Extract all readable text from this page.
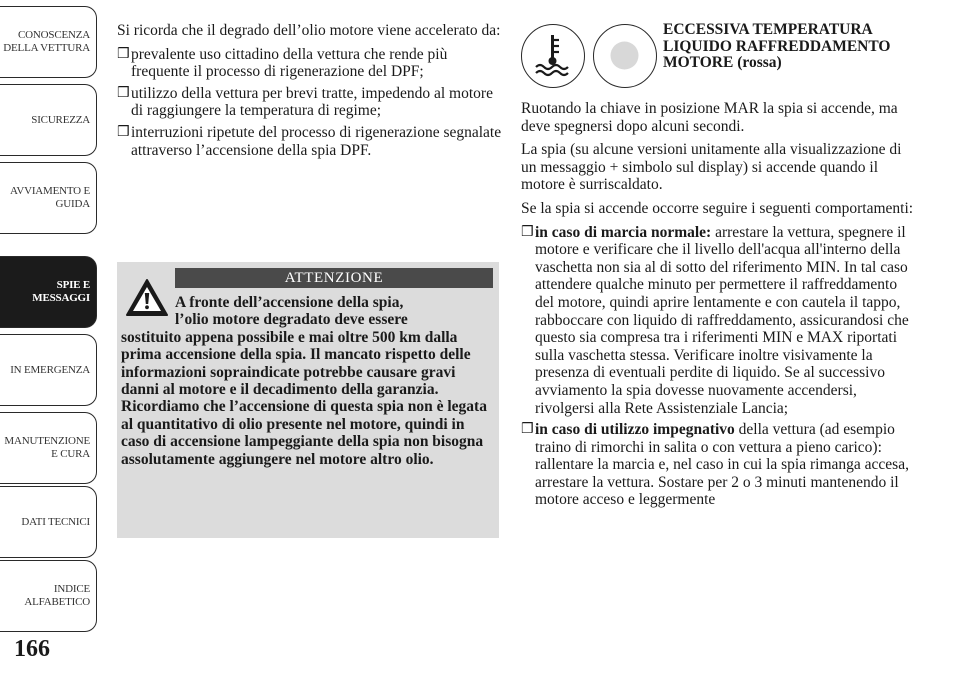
CONOSCENZA DELLA VETTURA
SICUREZZA
AVVIAMENTO E GUIDA
SPIE E MESSAGGI
IN EMERGENZA
MANUTENZIONE E CURA
DATI TECNICI
INDICE ALFABETICO
166

Si ricorda che il degrado dell’olio motore viene accelerato da:

❒ prevalente uso cittadino della vettura che rende più frequente il processo di rigenerazione del DPF;
❒ utilizzo della vettura per brevi tratte, impedendo al motore di raggiungere la temperatura di regime;
❒ interruzioni ripetute del processo di rigenerazione segnalate attraverso l’accensione della spia DPF.
ATTENZIONE
A fronte dell’accensione della spia,
l’olio motore degradato deve essere
sostituito appena possibile e mai oltre 500 km dalla prima accensione della spia. Il mancato rispetto delle informazioni sopraindicate potrebbe causare gravi danni al motore e il decadimento della garanzia. Ricordiamo che l’accensione di questa spia non è legata al quantitativo di olio presente nel motore, quindi in caso di accensione lampeggiante della spia non bisogna assolutamente aggiungere nel motore altro olio.
ECCESSIVA TEMPERATURA LIQUIDO RAFFREDDAMENTO MOTORE (rossa)

Ruotando la chiave in posizione MAR la spia si accende, ma deve spegnersi dopo alcuni secondi.

La spia (su alcune versioni unitamente alla visualizzazione di un messaggio + simbolo sul display) si accende quando il motore è surriscaldato.

Se la spia si accende occorre seguire i seguenti comportamenti:

❒ in caso di marcia normale: arrestare la vettura, spegnere il motore e verificare che il livello dell'acqua all'interno della vaschetta non sia al di sotto del riferimento MIN. In tal caso attendere qualche minuto per permettere il raffreddamento del motore, quindi aprire lentamente e con cautela il tappo, rabboccare con liquido di raffreddamento, assicurandosi che questo sia compresa tra i riferimenti MIN e MAX riportati sulla vaschetta stessa. Verificare inoltre visivamente la presenza di eventuali perdite di liquido. Se al successivo avviamento la spia dovesse nuovamente accendersi, rivolgersi alla Rete Assistenziale Lancia;
❒ in caso di utilizzo impegnativo della vettura (ad esempio traino di rimorchi in salita o con vettura a pieno carico): rallentare la marcia e, nel caso in cui la spia rimanga accesa, arrestare la vettura. Sostare per 2 o 3 minuti mantenendo il motore acceso e leggermente
